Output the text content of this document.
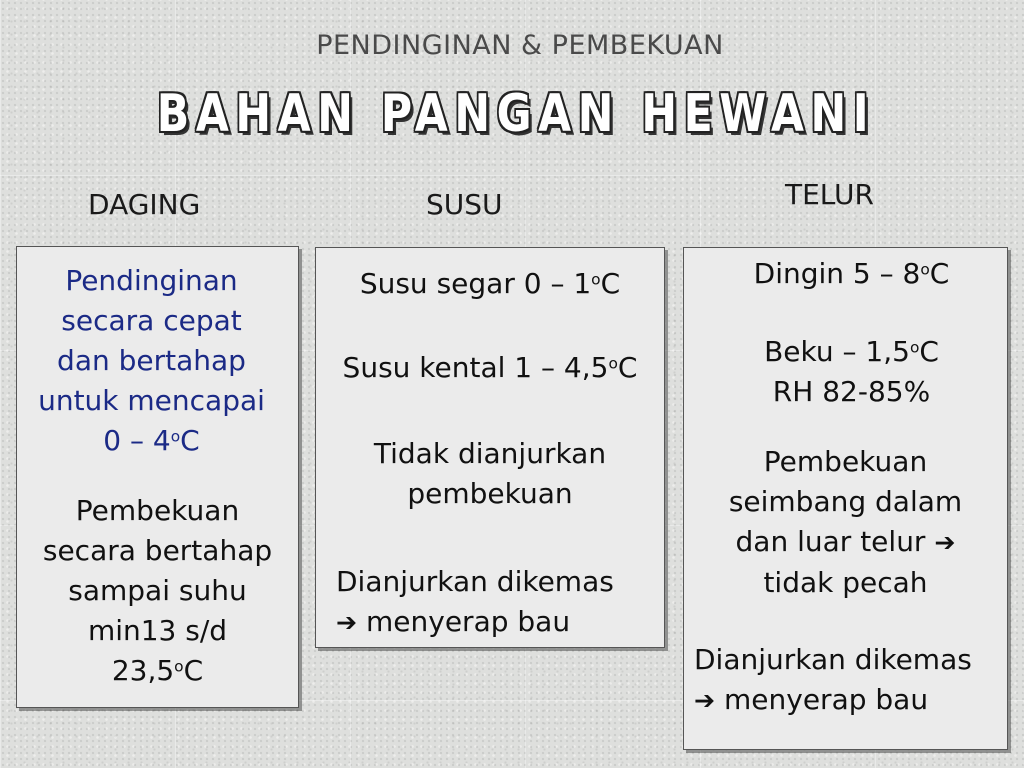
PENDINGINAN & PEMBEKUAN
BAHAN PANGAN HEWANI
DAGING	SUSU	TELUR
Pendinginan
secara cepat
dan bertahap
untuk mencapai
0 – 4$^o$C
Pembekuan
secara bertahap
sampai suhu
min13 s/d
23,5$^o$C
Susu segar 0 – 1$^o$C
Susu kental 1 – 4,5$^o$C
Tidak dianjurkan
pembekuan
Dianjurkan dikemas
➔ menyerap bau
Dingin 5 – 8$^o$C
Beku – 1,5$^o$C
RH 82-85%
Pembekuan
seimbang dalam
dan luar telur ➔
tidak pecah
Dianjurkan dikemas
➔ menyerap bau
